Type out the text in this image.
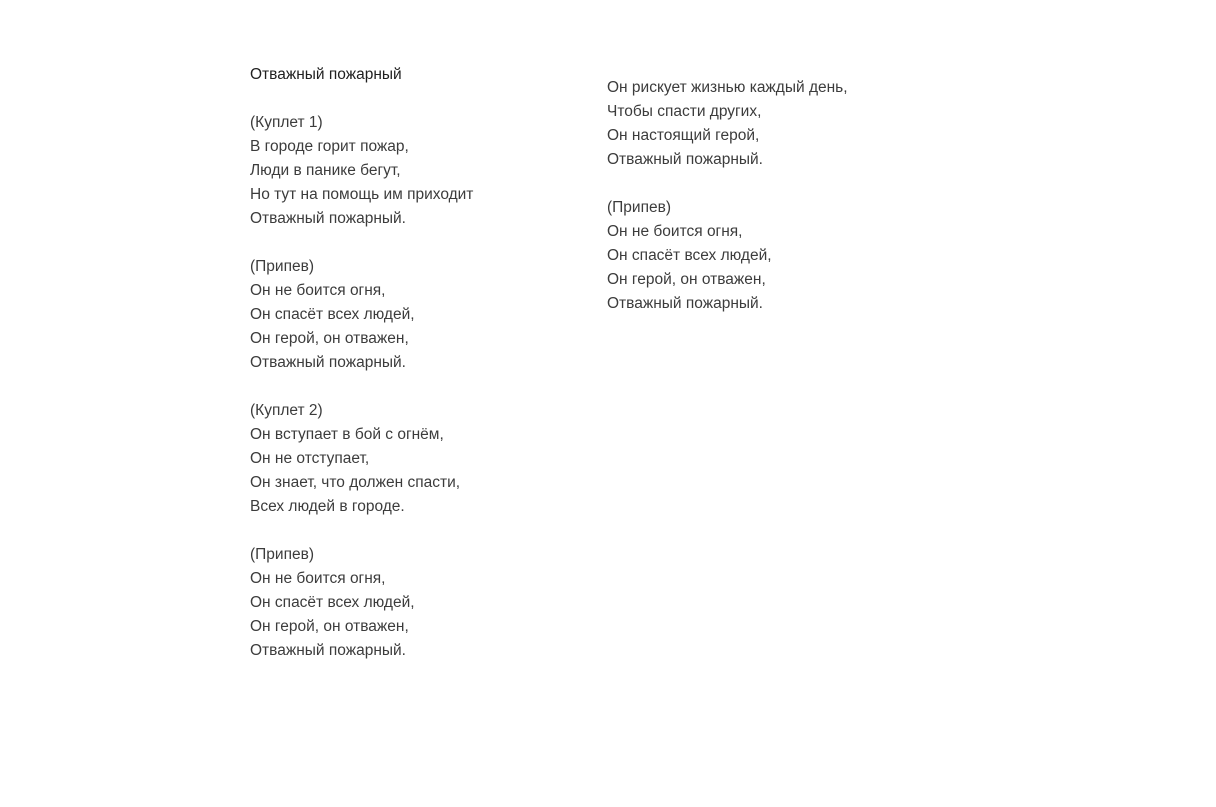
Отважный пожарный
(Куплет 1)
В городе горит пожар,
Люди в панике бегут,
Но тут на помощь им приходит
Отважный пожарный.
(Припев)
Он не боится огня,
Он спасёт всех людей,
Он герой, он отважен,
Отважный пожарный.
(Куплет 2)
Он вступает в бой с огнём,
Он не отступает,
Он знает, что должен спасти,
Всех людей в городе.
(Припев)
Он не боится огня,
Он спасёт всех людей,
Он герой, он отважен,
Отважный пожарный.
Он рискует жизнью каждый день,
Чтобы спасти других,
Он настоящий герой,
Отважный пожарный.
(Припев)
Он не боится огня,
Он спасёт всех людей,
Он герой, он отважен,
Отважный пожарный.
